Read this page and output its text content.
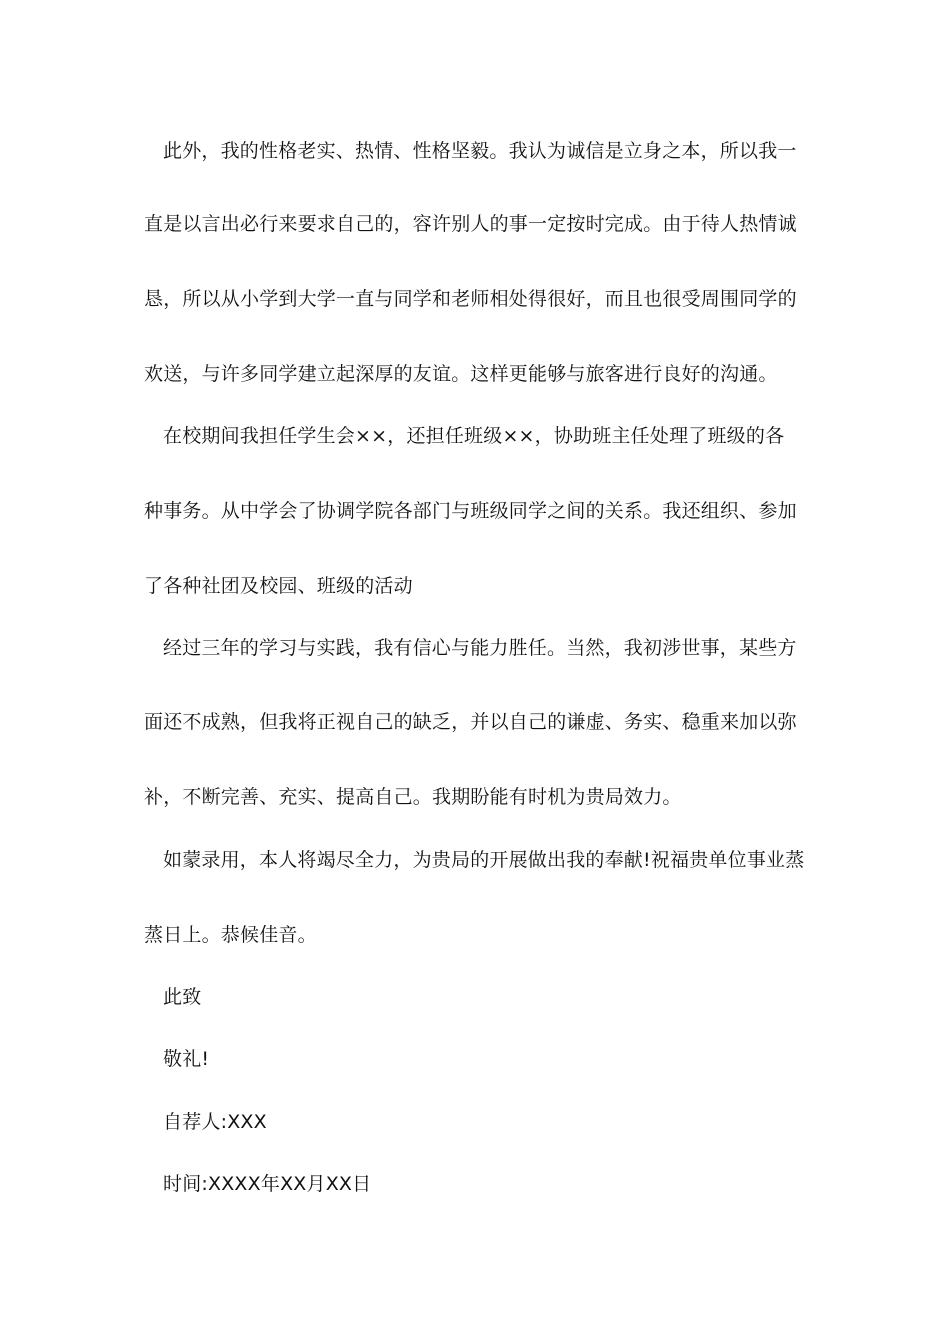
此外，我的性格老实、热情、性格坚毅。我认为诚信是立身之本，所以我一
直是以言出必行来要求自己的，容许别人的事一定按时完成。由于待人热情诚
恳，所以从小学到大学一直与同学和老师相处得很好，而且也很受周围同学的
欢送，与许多同学建立起深厚的友谊。这样更能够与旅客进行良好的沟通。
在校期间我担任学生会××，还担任班级××，协助班主任处理了班级的各
种事务。从中学会了协调学院各部门与班级同学之间的关系。我还组织、参加
了各种社团及校园、班级的活动
经过三年的学习与实践，我有信心与能力胜任。当然，我初涉世事，某些方
面还不成熟，但我将正视自己的缺乏，并以自己的谦虚、务实、稳重来加以弥
补，不断完善、充实、提高自己。我期盼能有时机为贵局效力。
如蒙录用，本人将竭尽全力，为贵局的开展做出我的奉献!祝福贵单位事业蒸
蒸日上。恭候佳音。
此致
敬礼!
自荐人:XXX
时间:XXXX年XX月XX日
